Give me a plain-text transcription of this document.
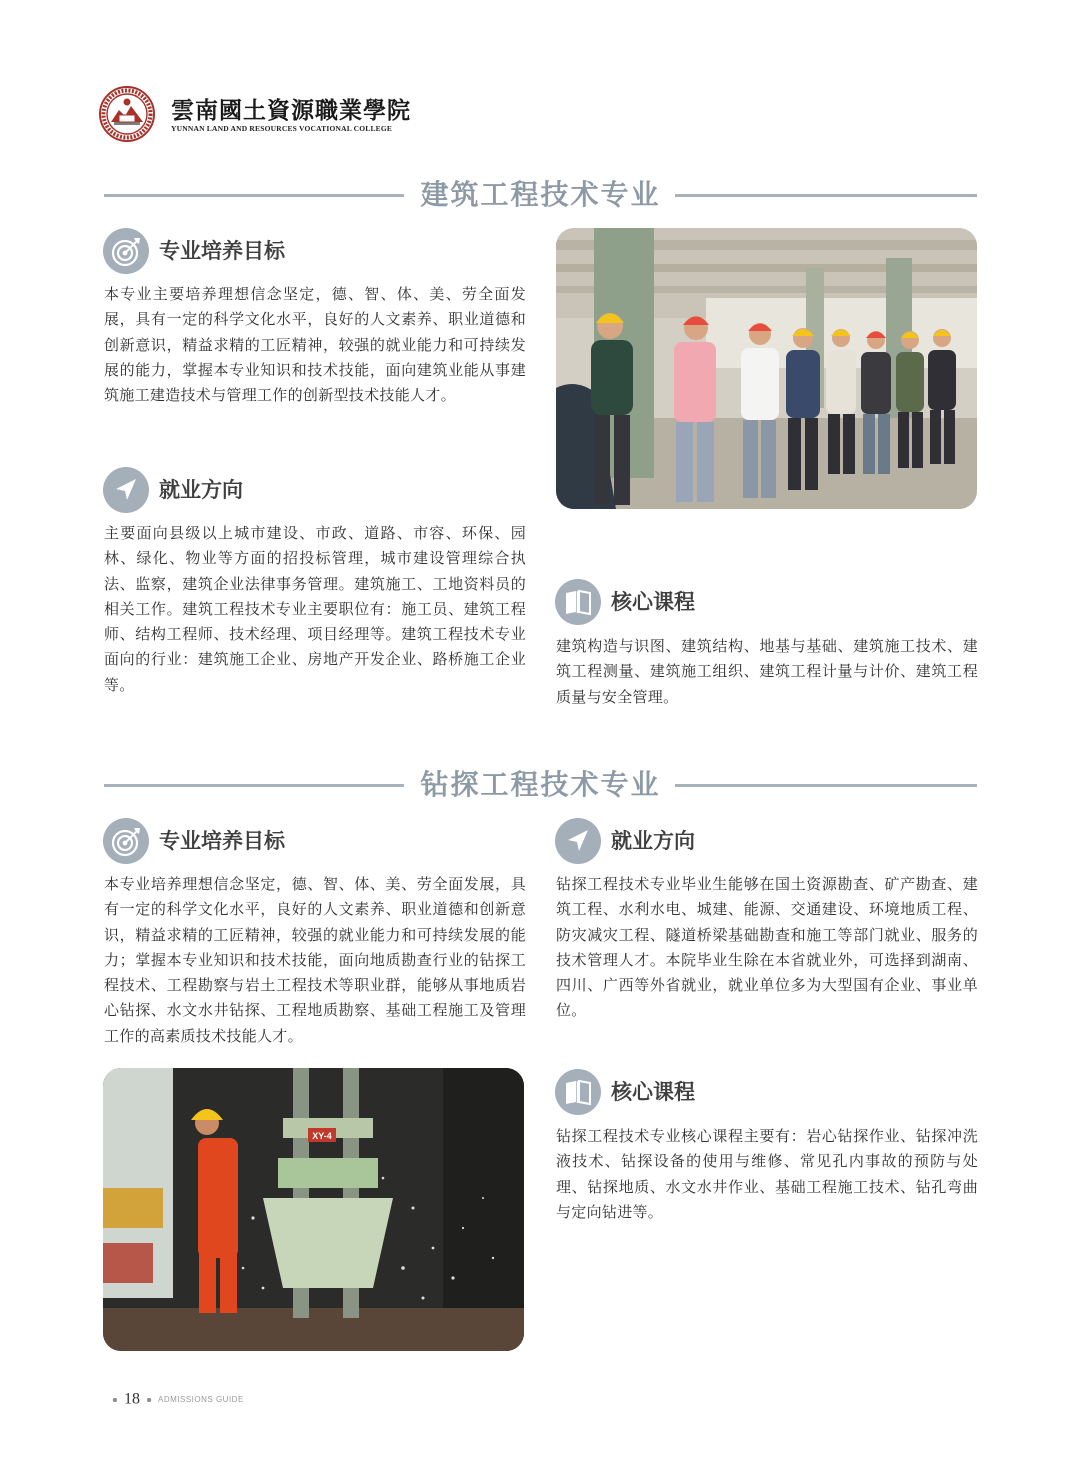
雲南國土資源職業學院
YUNNAN LAND AND RESOURCES VOCATIONAL COLLEGE
建筑工程技术专业
专业培养目标
本专业主要培养理想信念坚定，德、智、体、美、劳全面发展，具有一定的科学文化水平，良好的人文素养、职业道德和创新意识，精益求精的工匠精神，较强的就业能力和可持续发展的能力，掌握本专业知识和技术技能，面向建筑业能从事建筑施工建造技术与管理工作的创新型技术技能人才。
就业方向
主要面向县级以上城市建设、市政、道路、市容、环保、园林、绿化、物业等方面的招投标管理，城市建设管理综合执法、监察，建筑企业法律事务管理。建筑施工、工地资料员的相关工作。建筑工程技术专业主要职位有：施工员、建筑工程师、结构工程师、技术经理、项目经理等。建筑工程技术专业面向的行业：建筑施工企业、房地产开发企业、路桥施工企业等。
核心课程
建筑构造与识图、建筑结构、地基与基础、建筑施工技术、建筑工程测量、建筑施工组织、建筑工程计量与计价、建筑工程质量与安全管理。
钻探工程技术专业
专业培养目标
本专业培养理想信念坚定，德、智、体、美、劳全面发展，具有一定的科学文化水平，良好的人文素养、职业道德和创新意识，精益求精的工匠精神，较强的就业能力和可持续发展的能力；掌握本专业知识和技术技能，面向地质勘查行业的钻探工程技术、工程勘察与岩土工程技术等职业群，能够从事地质岩心钻探、水文水井钻探、工程地质勘察、基础工程施工及管理工作的高素质技术技能人才。
就业方向
钻探工程技术专业毕业生能够在国土资源勘查、矿产勘查、建筑工程、水利水电、城建、能源、交通建设、环境地质工程、防灾减灾工程、隧道桥梁基础勘查和施工等部门就业、服务的技术管理人才。本院毕业生除在本省就业外，可选择到湖南、四川、广西等外省就业，就业单位多为大型国有企业、事业单位。
XY-4
核心课程
钻探工程技术专业核心课程主要有：岩心钻探作业、钻探冲洗液技术、钻探设备的使用与维修、常见孔内事故的预防与处理、钻探地质、水文水井作业、基础工程施工技术、钻孔弯曲与定向钻进等。
18 ADMISSIONS GUIDE
